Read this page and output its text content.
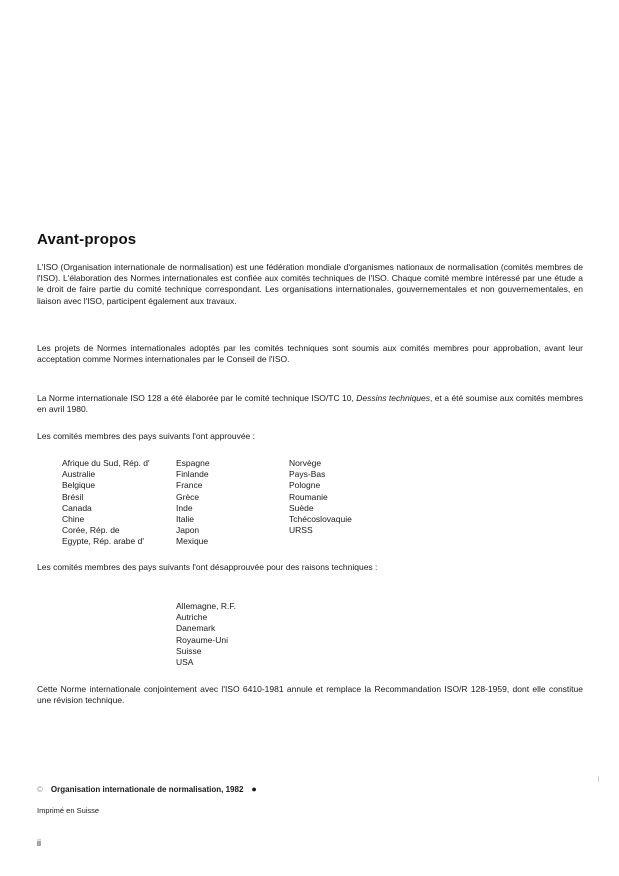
Avant-propos

L'ISO (Organisation internationale de normalisation) est une fédération mondiale d'organismes nationaux de normalisation (comités membres de l'ISO). L'élaboration des Normes internationales est confiée aux comités techniques de l'ISO. Chaque comité membre intéressé par une étude a le droit de faire partie du comité technique correspondant. Les organisations internationales, gouvernementales et non gouvernementales, en liaison avec l'ISO, participent également aux travaux.

Les projets de Normes internationales adoptés par les comités techniques sont soumis aux comités membres pour approbation, avant leur acceptation comme Normes internationales par le Conseil de l'ISO.

La Norme internationale ISO 128 a été élaborée par le comité technique ISO/TC 10, Dessins techniques, et a été soumise aux comités membres en avril 1980.

Les comités membres des pays suivants l'ont approuvée :

Afrique du Sud, Rép. d'
Australie
Belgique
Brésil
Canada
Chine
Corée, Rép. de
Egypte, Rép. arabe d'
Espagne
Finlande
France
Grèce
Inde
Italie
Japon
Mexique
Norvège
Pays-Bas
Pologne
Roumanie
Suède
Tchécoslovaquie
URSS

Les comités membres des pays suivants l'ont désapprouvée pour des raisons techniques :

Allemagne, R.F.
Autriche
Danemark
Royaume-Uni
Suisse
USA

Cette Norme internationale conjointement avec l'ISO 6410-1981 annule et remplace la Recommandation ISO/R 128-1959, dont elle constitue une révision technique.

© Organisation internationale de normalisation, 1982 ●
Imprimé en Suisse
ii
